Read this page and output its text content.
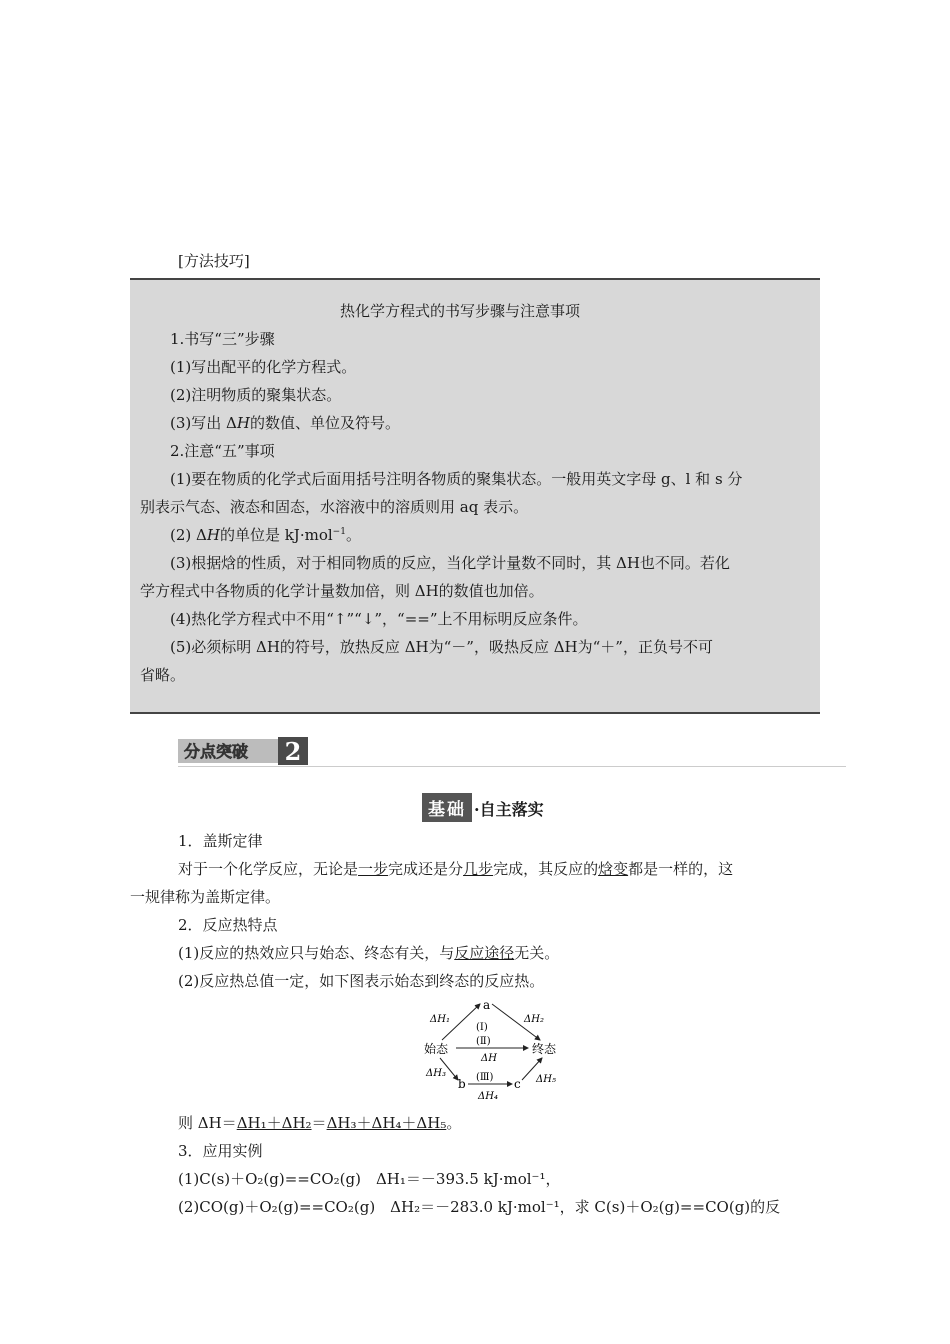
[方法技巧]
热化学方程式的书写步骤与注意事项
1.书写“三”步骤
(1)写出配平的化学方程式。
(2)注明物质的聚集状态。
(3)写出 ΔH的数值、单位及符号。
2.注意“五”事项
(1)要在物质的化学式后面用括号注明各物质的聚集状态。一般用英文字母 g、l 和 s 分
别表示气态、液态和固态，水溶液中的溶质则用 aq 表示。
(2) ΔH的单位是 kJ·mol$^{-1}$。
(3)根据焓的性质，对于相同物质的反应，当化学计量数不同时，其 ΔH也不同。若化
学方程式中各物质的化学计量数加倍，则 ΔH的数值也加倍。
(4)热化学方程式中不用“↑”“↓”，“==”上不用标明反应条件。
(5)必须标明 ΔH的符号，放热反应 ΔH为“－”，吸热反应 ΔH为“＋”，正负号不可
省略。
分点突破 2
基础 ·自主落实
1．盖斯定律
对于一个化学反应，无论是一步完成还是分几步完成，其反应的焓变都是一样的，这
一规律称为盖斯定律。
2．反应热特点
(1)反应的热效应只与始态、终态有关，与反应途径无关。
(2)反应热总值一定，如下图表示始态到终态的反应热。
a
始态	终态
b	c
ΔH₁
(Ⅰ)
ΔH₂
(Ⅱ)
ΔH
ΔH₃	(Ⅲ)
ΔH₄
ΔH₅
则 ΔH＝ΔH₁＋ΔH₂＝ΔH₃＋ΔH₄＋ΔH₅。
3．应用实例
(1)C(s)＋O₂(g)==CO₂(g)　ΔH₁＝－393.5 kJ·mol⁻¹，
(2)CO(g)＋O₂(g)==CO₂(g)　ΔH₂＝－283.0 kJ·mol⁻¹，求 C(s)＋O₂(g)==CO(g)的反
